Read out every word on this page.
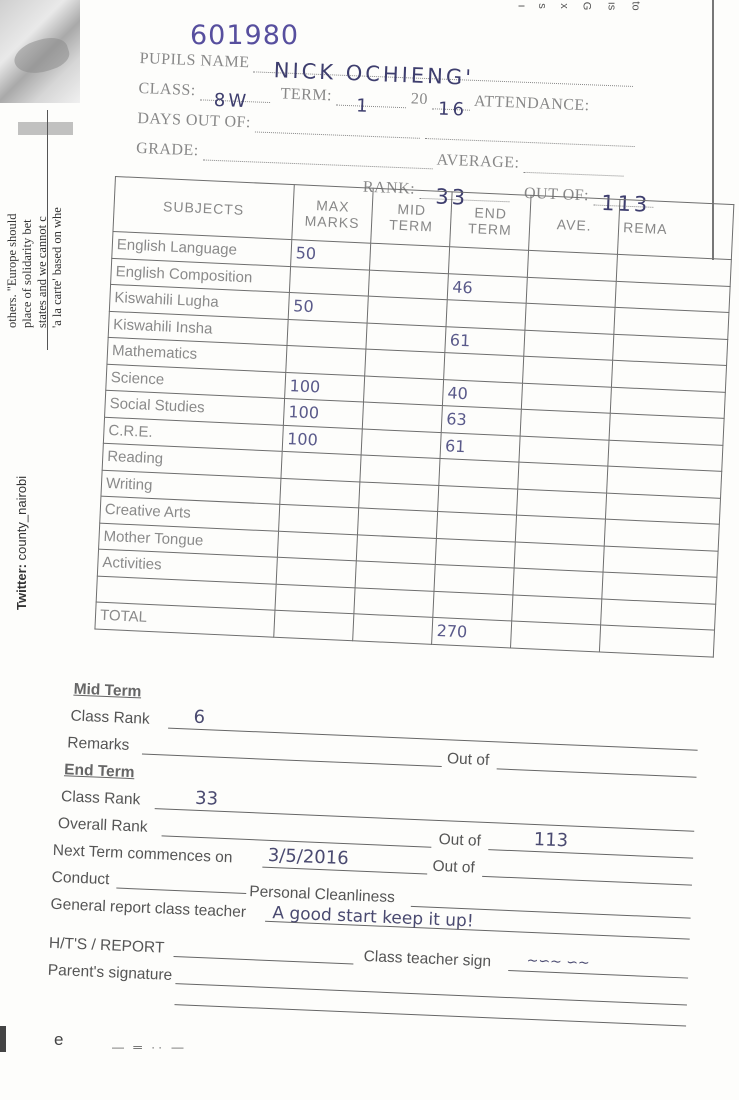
others. "Europe should place of solidarity bet states and we cannot c 'a la carte' based on whe
Twitter: county_nairobi
ı s x G ıs to
e	— ═ ·· —
601980
PUPILS NAME NICK OCHIENG'
CLASS:
8W TERM:
1 20 16 ATTENDANCE:
DAYS OUT OF:
GRADE:  AVERAGE:
RANK: 33	OUT OF: 113
SUBJECTS	MAX MARKS	MID TERM	END TERM	AVE.	REMA
English Language	50				
English Composition			46		
Kiswahili Lugha	50				
Kiswahili Insha			61		
Mathematics					
Science	100		40		
Social Studies	100		63		
C.R.E.	100		61		
Reading					
Writing					
Creative Arts					
Mother Tongue					
Activities					

TOTAL			270		
Mid Term
Class Rank 6
Remarks
Out of
End Term
Class Rank	33
Overall Rank
Out of	113
Next Term commences on 3/5/2016	Out of
Conduct
Personal Cleanliness
General report class teacher A good start keep it up!
H/T'S / REPORT
Class teacher sign ~∽~ ∽~
Parent's signature
